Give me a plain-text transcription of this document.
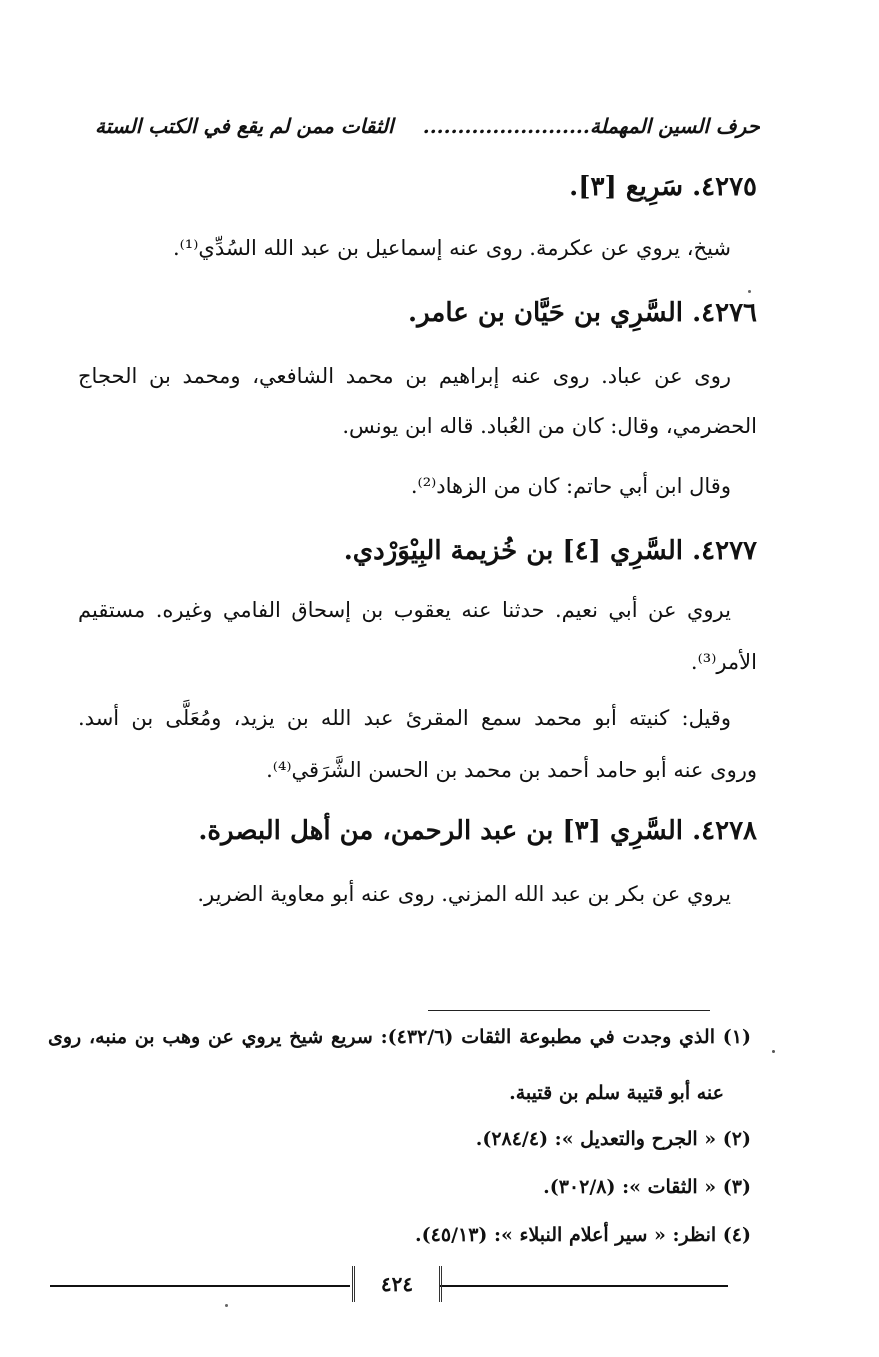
حرف السين المهملة........................
الثقات ممن لم يقع في الكتب الستة
٤٢٧٥. سَرِيع [٣].
شيخ، يروي عن عكرمة. روى عنه إسماعيل بن عبد الله السُدِّي⁽¹⁾.
٤٢٧٦. السَّرِي بن حَيَّان بن عامر.
روى عن عباد. روى عنه إبراهيم بن محمد الشافعي، ومحمد بن الحجاج
الحضرمي، وقال: كان من العُباد. قاله ابن يونس.
وقال ابن أبي حاتم: كان من الزهاد⁽²⁾.
٤٢٧٧. السَّرِي [٤] بن خُزيمة البِيْوَرْدي.
يروي عن أبي نعيم. حدثنا عنه يعقوب بن إسحاق الفامي وغيره. مستقيم
الأمر⁽³⁾.
وقيل: كنيته أبو محمد سمع المقرئ عبد الله بن يزيد، ومُعَلَّى بن أسد.
وروى عنه أبو حامد أحمد بن محمد بن الحسن الشَّرَقي⁽⁴⁾.
٤٢٧٨. السَّرِي [٣] بن عبد الرحمن، من أهل البصرة.
يروي عن بكر بن عبد الله المزني. روى عنه أبو معاوية الضرير.
(١) الذي وجدت في مطبوعة الثقات (٤٣٢/٦): سريع شيخ يروي عن وهب بن منبه، روى
عنه أبو قتيبة سلم بن قتيبة.
(٢) « الجرح والتعديل »: (٢٨٤/٤).
(٣) « الثقات »: (٣٠٢/٨).
(٤) انظر: « سير أعلام النبلاء »: (٤٥/١٣).
٤٢٤
